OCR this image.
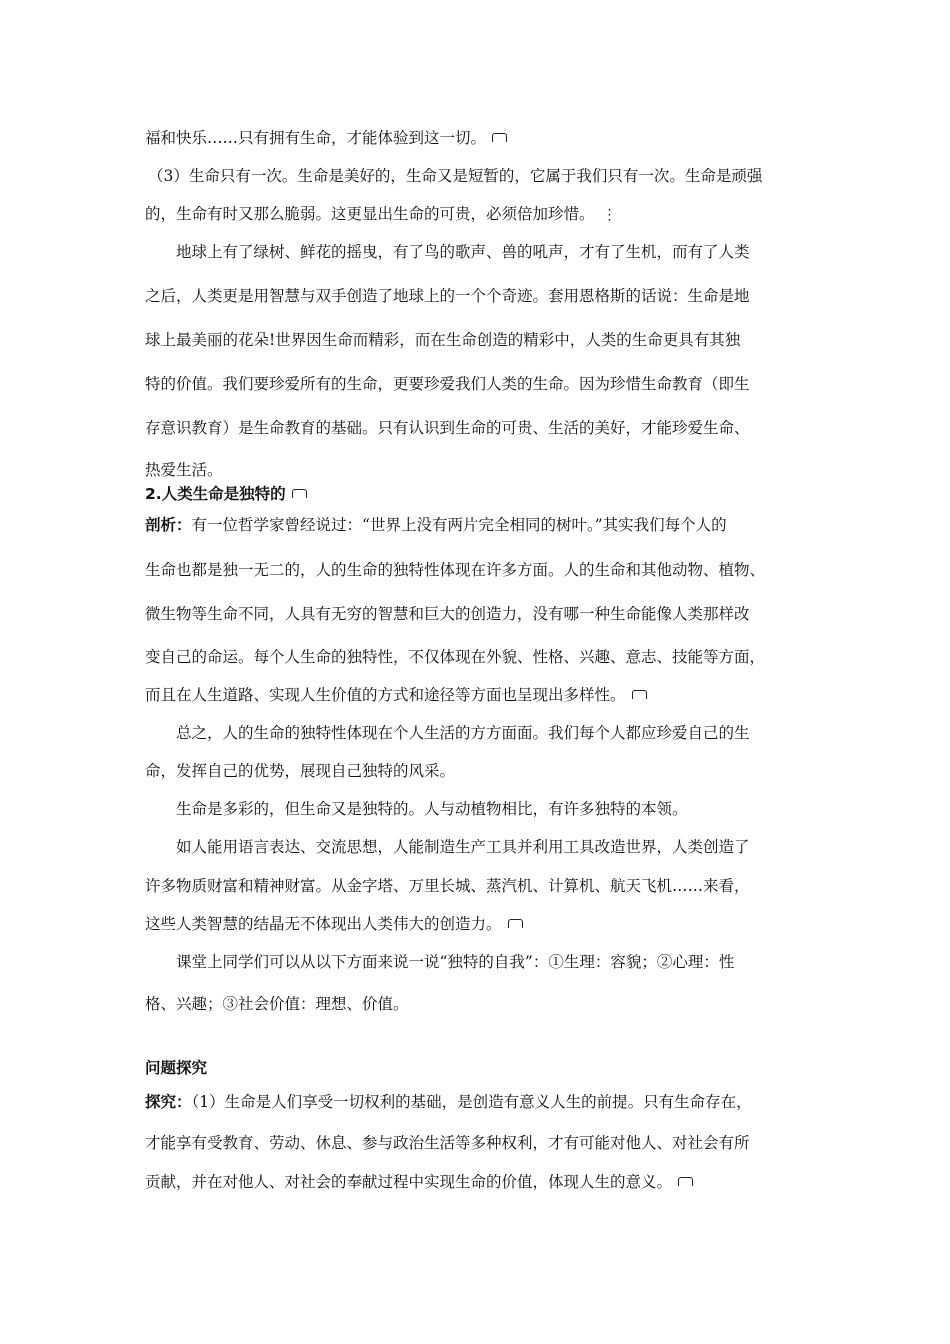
福和快乐……只有拥有生命，才能体验到这一切。
（3）生命只有一次。生命是美好的，生命又是短暂的，它属于我们只有一次。生命是顽强
的，生命有时又那么脆弱。这更显出生命的可贵，必须倍加珍惜。 ⋮
地球上有了绿树、鲜花的摇曳，有了鸟的歌声、兽的吼声，才有了生机，而有了人类
之后，人类更是用智慧与双手创造了地球上的一个个奇迹。套用恩格斯的话说：生命是地
球上最美丽的花朵!世界因生命而精彩，而在生命创造的精彩中，人类的生命更具有其独
特的价值。我们要珍爱所有的生命，更要珍爱我们人类的生命。因为珍惜生命教育（即生
存意识教育）是生命教育的基础。只有认识到生命的可贵、生活的美好，才能珍爱生命、
热爱生活。
2.人类生命是独特的
剖析：有一位哲学家曾经说过：“世界上没有两片完全相同的树叶。”其实我们每个人的
生命也都是独一无二的，人的生命的独特性体现在许多方面。人的生命和其他动物、植物、
微生物等生命不同，人具有无穷的智慧和巨大的创造力，没有哪一种生命能像人类那样改
变自己的命运。每个人生命的独特性，不仅体现在外貌、性格、兴趣、意志、技能等方面，
而且在人生道路、实现人生价值的方式和途径等方面也呈现出多样性。
总之，人的生命的独特性体现在个人生活的方方面面。我们每个人都应珍爱自己的生
命，发挥自己的优势，展现自己独特的风采。
生命是多彩的，但生命又是独特的。人与动植物相比，有许多独特的本领。
如人能用语言表达、交流思想，人能制造生产工具并利用工具改造世界，人类创造了
许多物质财富和精神财富。从金字塔、万里长城、蒸汽机、计算机、航天飞机……来看，
这些人类智慧的结晶无不体现出人类伟大的创造力。
课堂上同学们可以从以下方面来说一说“独特的自我”：①生理：容貌；②心理：性
格、兴趣；③社会价值：理想、价值。
问题探究
探究：（1）生命是人们享受一切权利的基础，是创造有意义人生的前提。只有生命存在，
才能享有受教育、劳动、休息、参与政治生活等多种权利，才有可能对他人、对社会有所
贡献，并在对他人、对社会的奉献过程中实现生命的价值，体现人生的意义。
